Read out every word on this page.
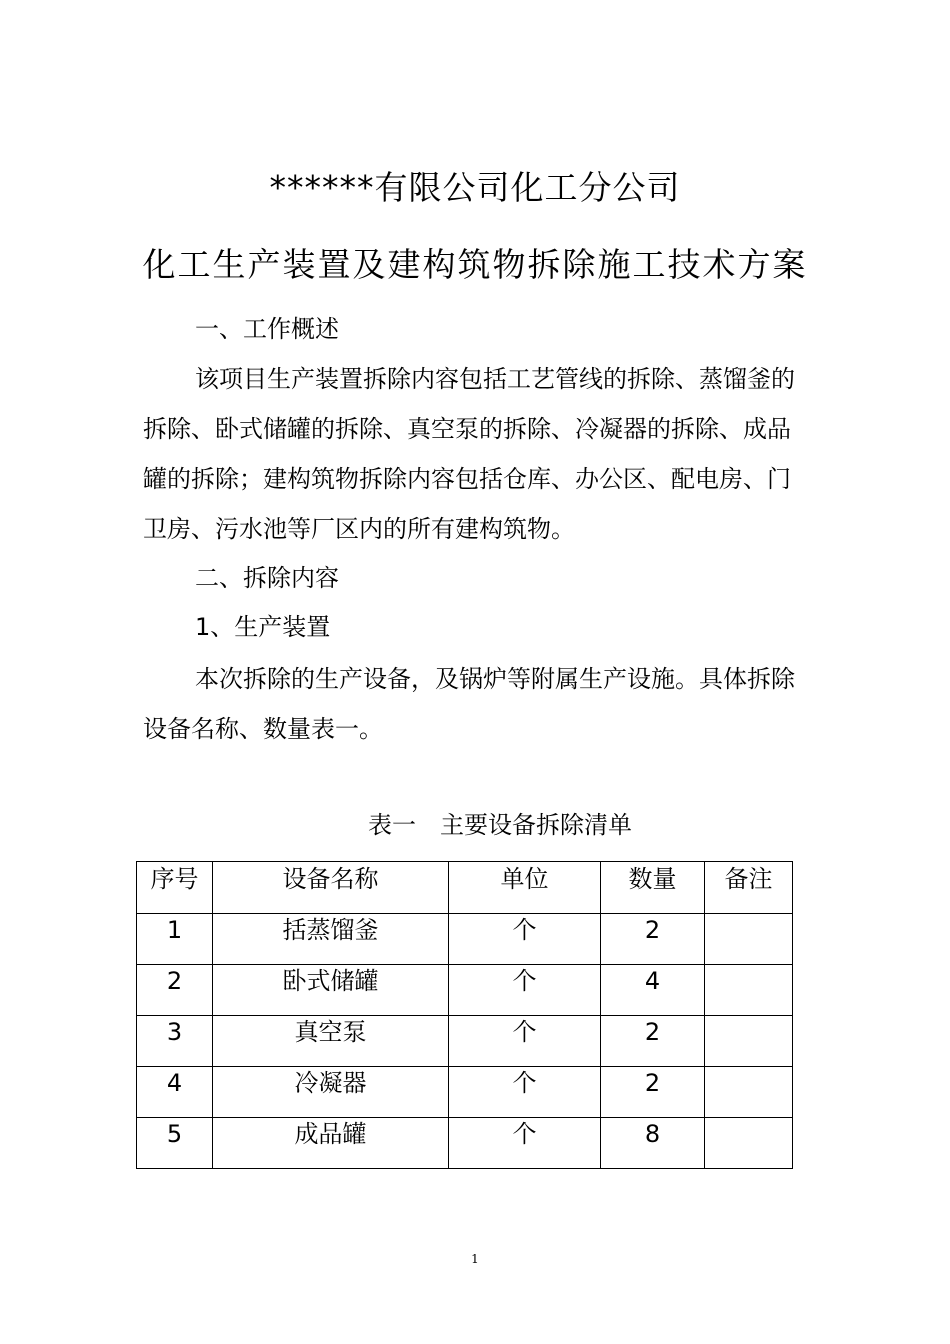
******有限公司化工分公司
化工生产装置及建构筑物拆除施工技术方案
一、工作概述
该项目生产装置拆除内容包括工艺管线的拆除、蒸馏釜的拆除、卧式储罐的拆除、真空泵的拆除、冷凝器的拆除、成品罐的拆除；建构筑物拆除内容包括仓库、办公区、配电房、门卫房、污水池等厂区内的所有建构筑物。
二、拆除内容
1、生产装置
本次拆除的生产设备，及锅炉等附属生产设施。具体拆除设备名称、数量表一。
表一　主要设备拆除清单
序号	设备名称	单位	数量	备注
1	括蒸馏釜	个	2	
2	卧式储罐	个	4	
3	真空泵	个	2	
4	冷凝器	个	2	
5	成品罐	个	8	
1
